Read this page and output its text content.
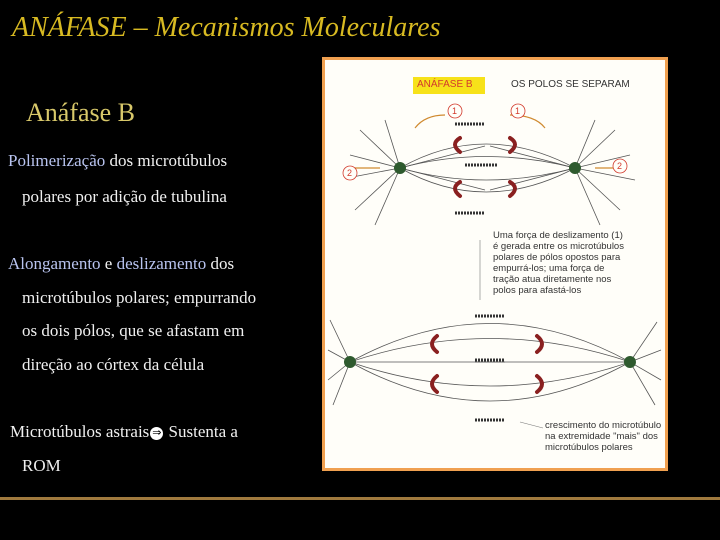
ANÁFASE – Mecanismos Moleculares
Anáfase B
Polimerização dos microtúbulos
polares por adição de tubulina
Alongamento e deslizamento dos
microtúbulos polares; empurrando
os dois pólos, que se afastam em
direção ao córtex da célula
Microtúbulos astrais ⇒ Sustenta a
ROM
ANÁFASE B	OS POLOS SE SEPARAM
1	1
2
2
Uma força de deslizamento (1)
é gerada entre os microtúbulos
polares de pólos opostos para
empurrá-los; uma força de
tração atua diretamente nos
polos para afastá-los
crescimento do microtúbulo
na extremidade "mais" dos
microtúbulos polares
